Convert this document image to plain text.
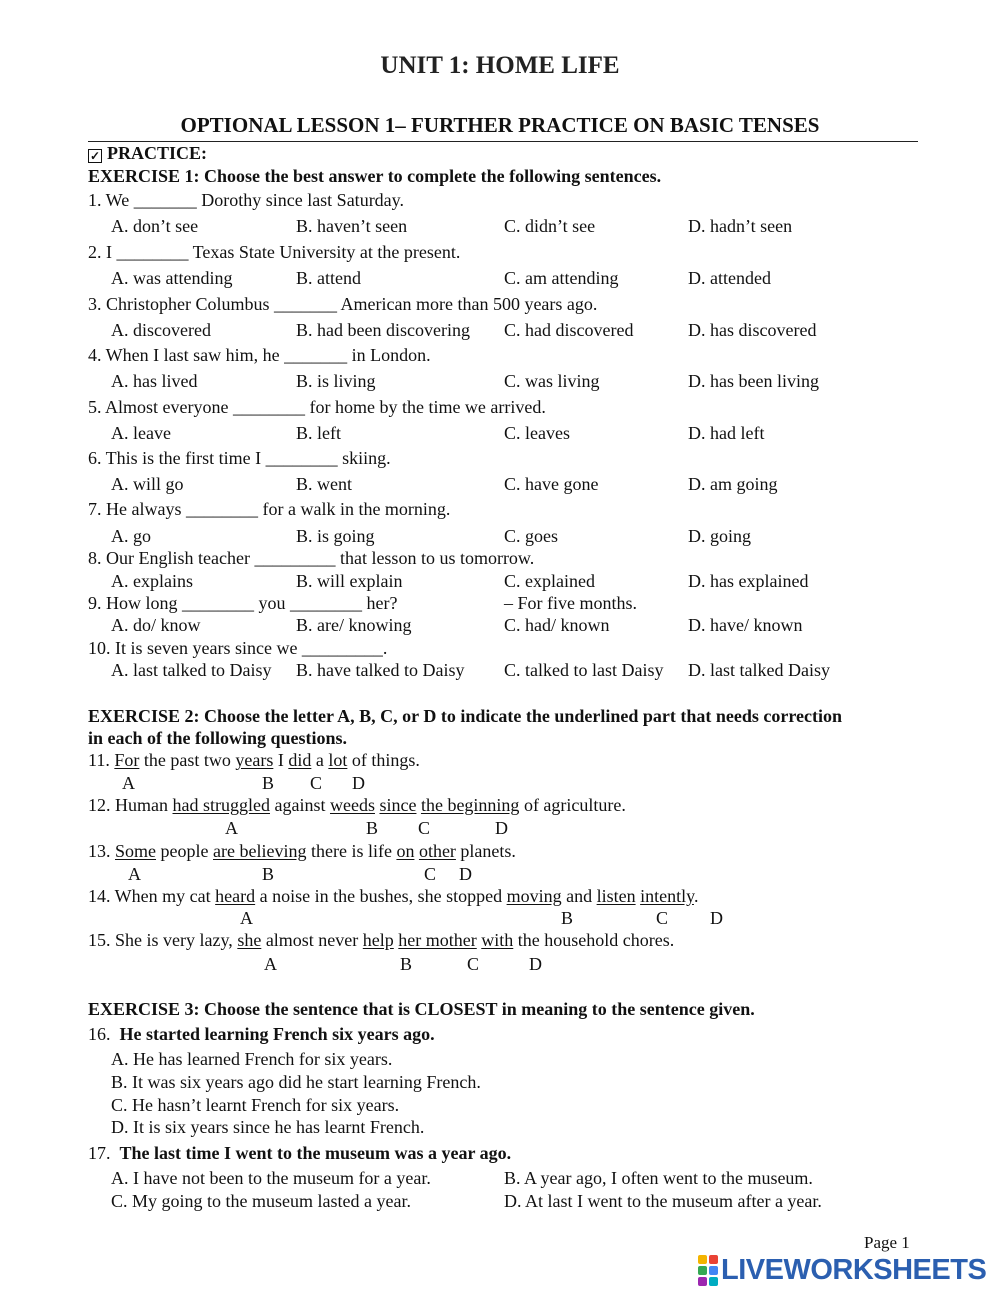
UNIT 1: HOME LIFE
OPTIONAL LESSON 1– FURTHER PRACTICE ON BASIC TENSES
✓ PRACTICE:
EXERCISE 1: Choose the best answer to complete the following sentences.
1. We _______ Dorothy since last Saturday.
A. don’t see	B. haven’t seen	C. didn’t see	D. hadn’t seen
2. I ________ Texas State University at the present.
A. was attending	B. attend	C. am attending	D. attended
3. Christopher Columbus _______ American more than 500 years ago.
A. discovered	B. had been discovering C. had discovered	D. has discovered
4. When I last saw him, he _______ in London.
A. has lived	B. is living	C. was living	D. has been living
5. Almost everyone ________ for home by the time we arrived.
A. leave	B. left	C. leaves	D. had left
6. This is the first time I ________ skiing.
A. will go	B. went	C. have gone	D. am going
7. He always ________ for a walk in the morning.
A. go	B. is going	C. goes	D. going
8. Our English teacher _________ that lesson to us tomorrow.
A. explains	B. will explain	C. explained	D. has explained
9. How long ________ you ________ her?	– For five months.
A. do/ know	B. are/ knowing	C. had/ known	D. have/ known
10. It is seven years since we _________.
A. last talked to Daisy B. have talked to Daisy C. talked to last Daisy D. last talked Daisy
EXERCISE 2: Choose the letter A, B, C, or D to indicate the underlined part that needs correction
in each of the following questions.
11. For the past two years I did a lot of things.
A	B C D
12. Human had struggled against weeds since the beginning of agriculture.
A	B C	D
13. Some people are believing there is life on other planets.
A	B	C D
14. When my cat heard a noise in the bushes, she stopped moving and listen intently.
A	B	C D
15. She is very lazy, she almost never help her mother with the household chores.
A	B	C	D
EXERCISE 3: Choose the sentence that is CLOSEST in meaning to the sentence given.
16. He started learning French six years ago.
A. He has learned French for six years.
B. It was six years ago did he start learning French.
C. He hasn’t learnt French for six years.
D. It is six years since he has learnt French.
17. The last time I went to the museum was a year ago.
A. I have not been to the museum for a year.	B. A year ago, I often went to the museum.
C. My going to the museum lasted a year.	D. At last I went to the museum after a year.
Page 1
LIVEWORKSHEETS
